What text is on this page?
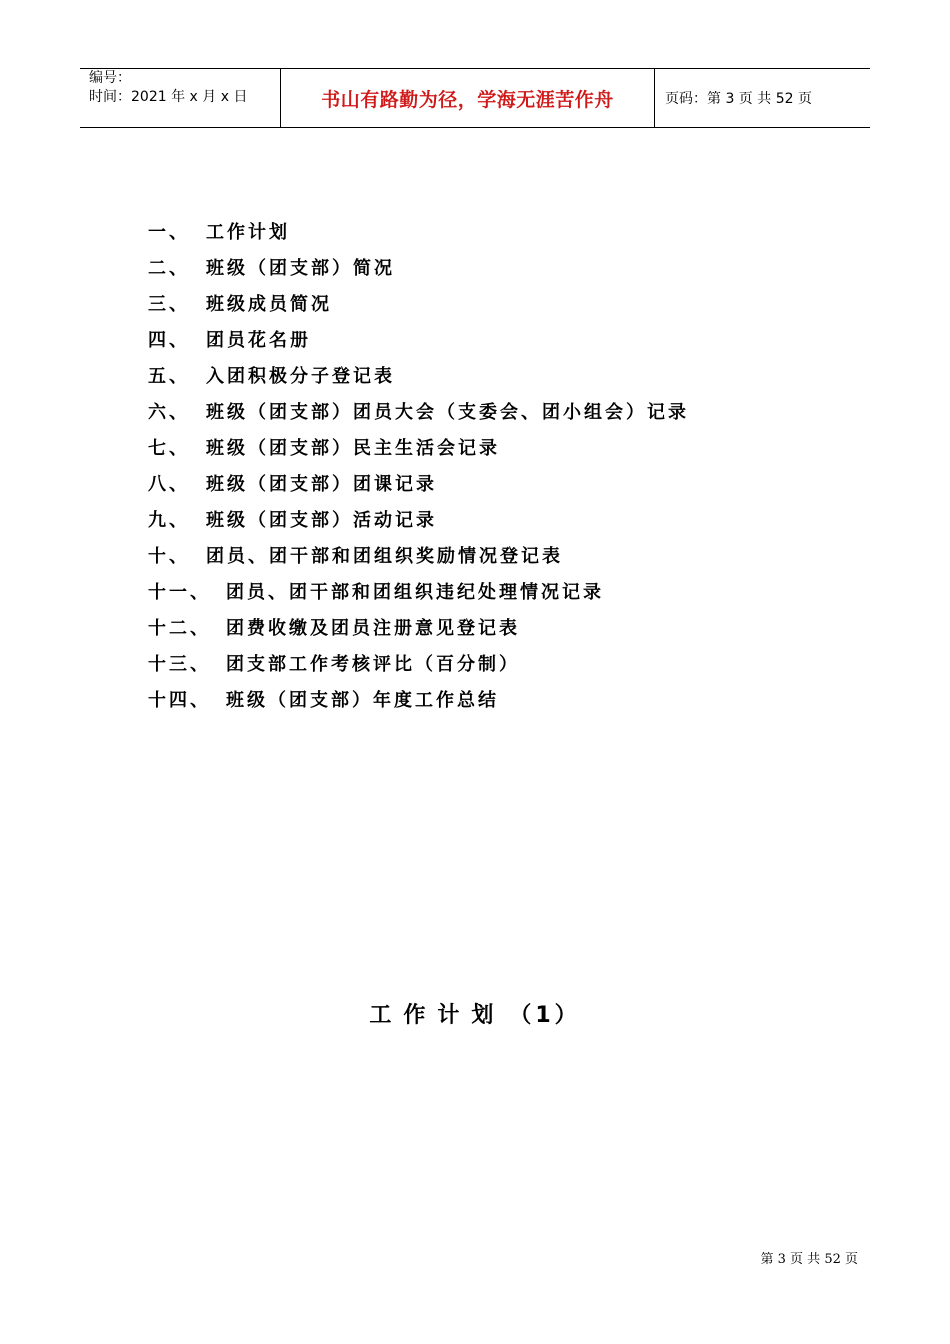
编号：
时间：2021 年 x 月 x 日	书山有路勤为径，学海无涯苦作舟	页码：第 3 页 共 52 页
一、 工作计划
二、 班级（团支部）简况
三、 班级成员简况
四、 团员花名册
五、 入团积极分子登记表
六、 班级（团支部）团员大会（支委会、团小组会）记录
七、 班级（团支部）民主生活会记录
八、 班级（团支部）团课记录
九、 班级（团支部）活动记录
十、 团员、团干部和团组织奖励情况登记表
十一、 团员、团干部和团组织违纪处理情况记录
十二、 团费收缴及团员注册意见登记表
十三、 团支部工作考核评比（百分制）
十四、 班级（团支部）年度工作总结
工作计划 （1）
第 3 页 共 52 页
